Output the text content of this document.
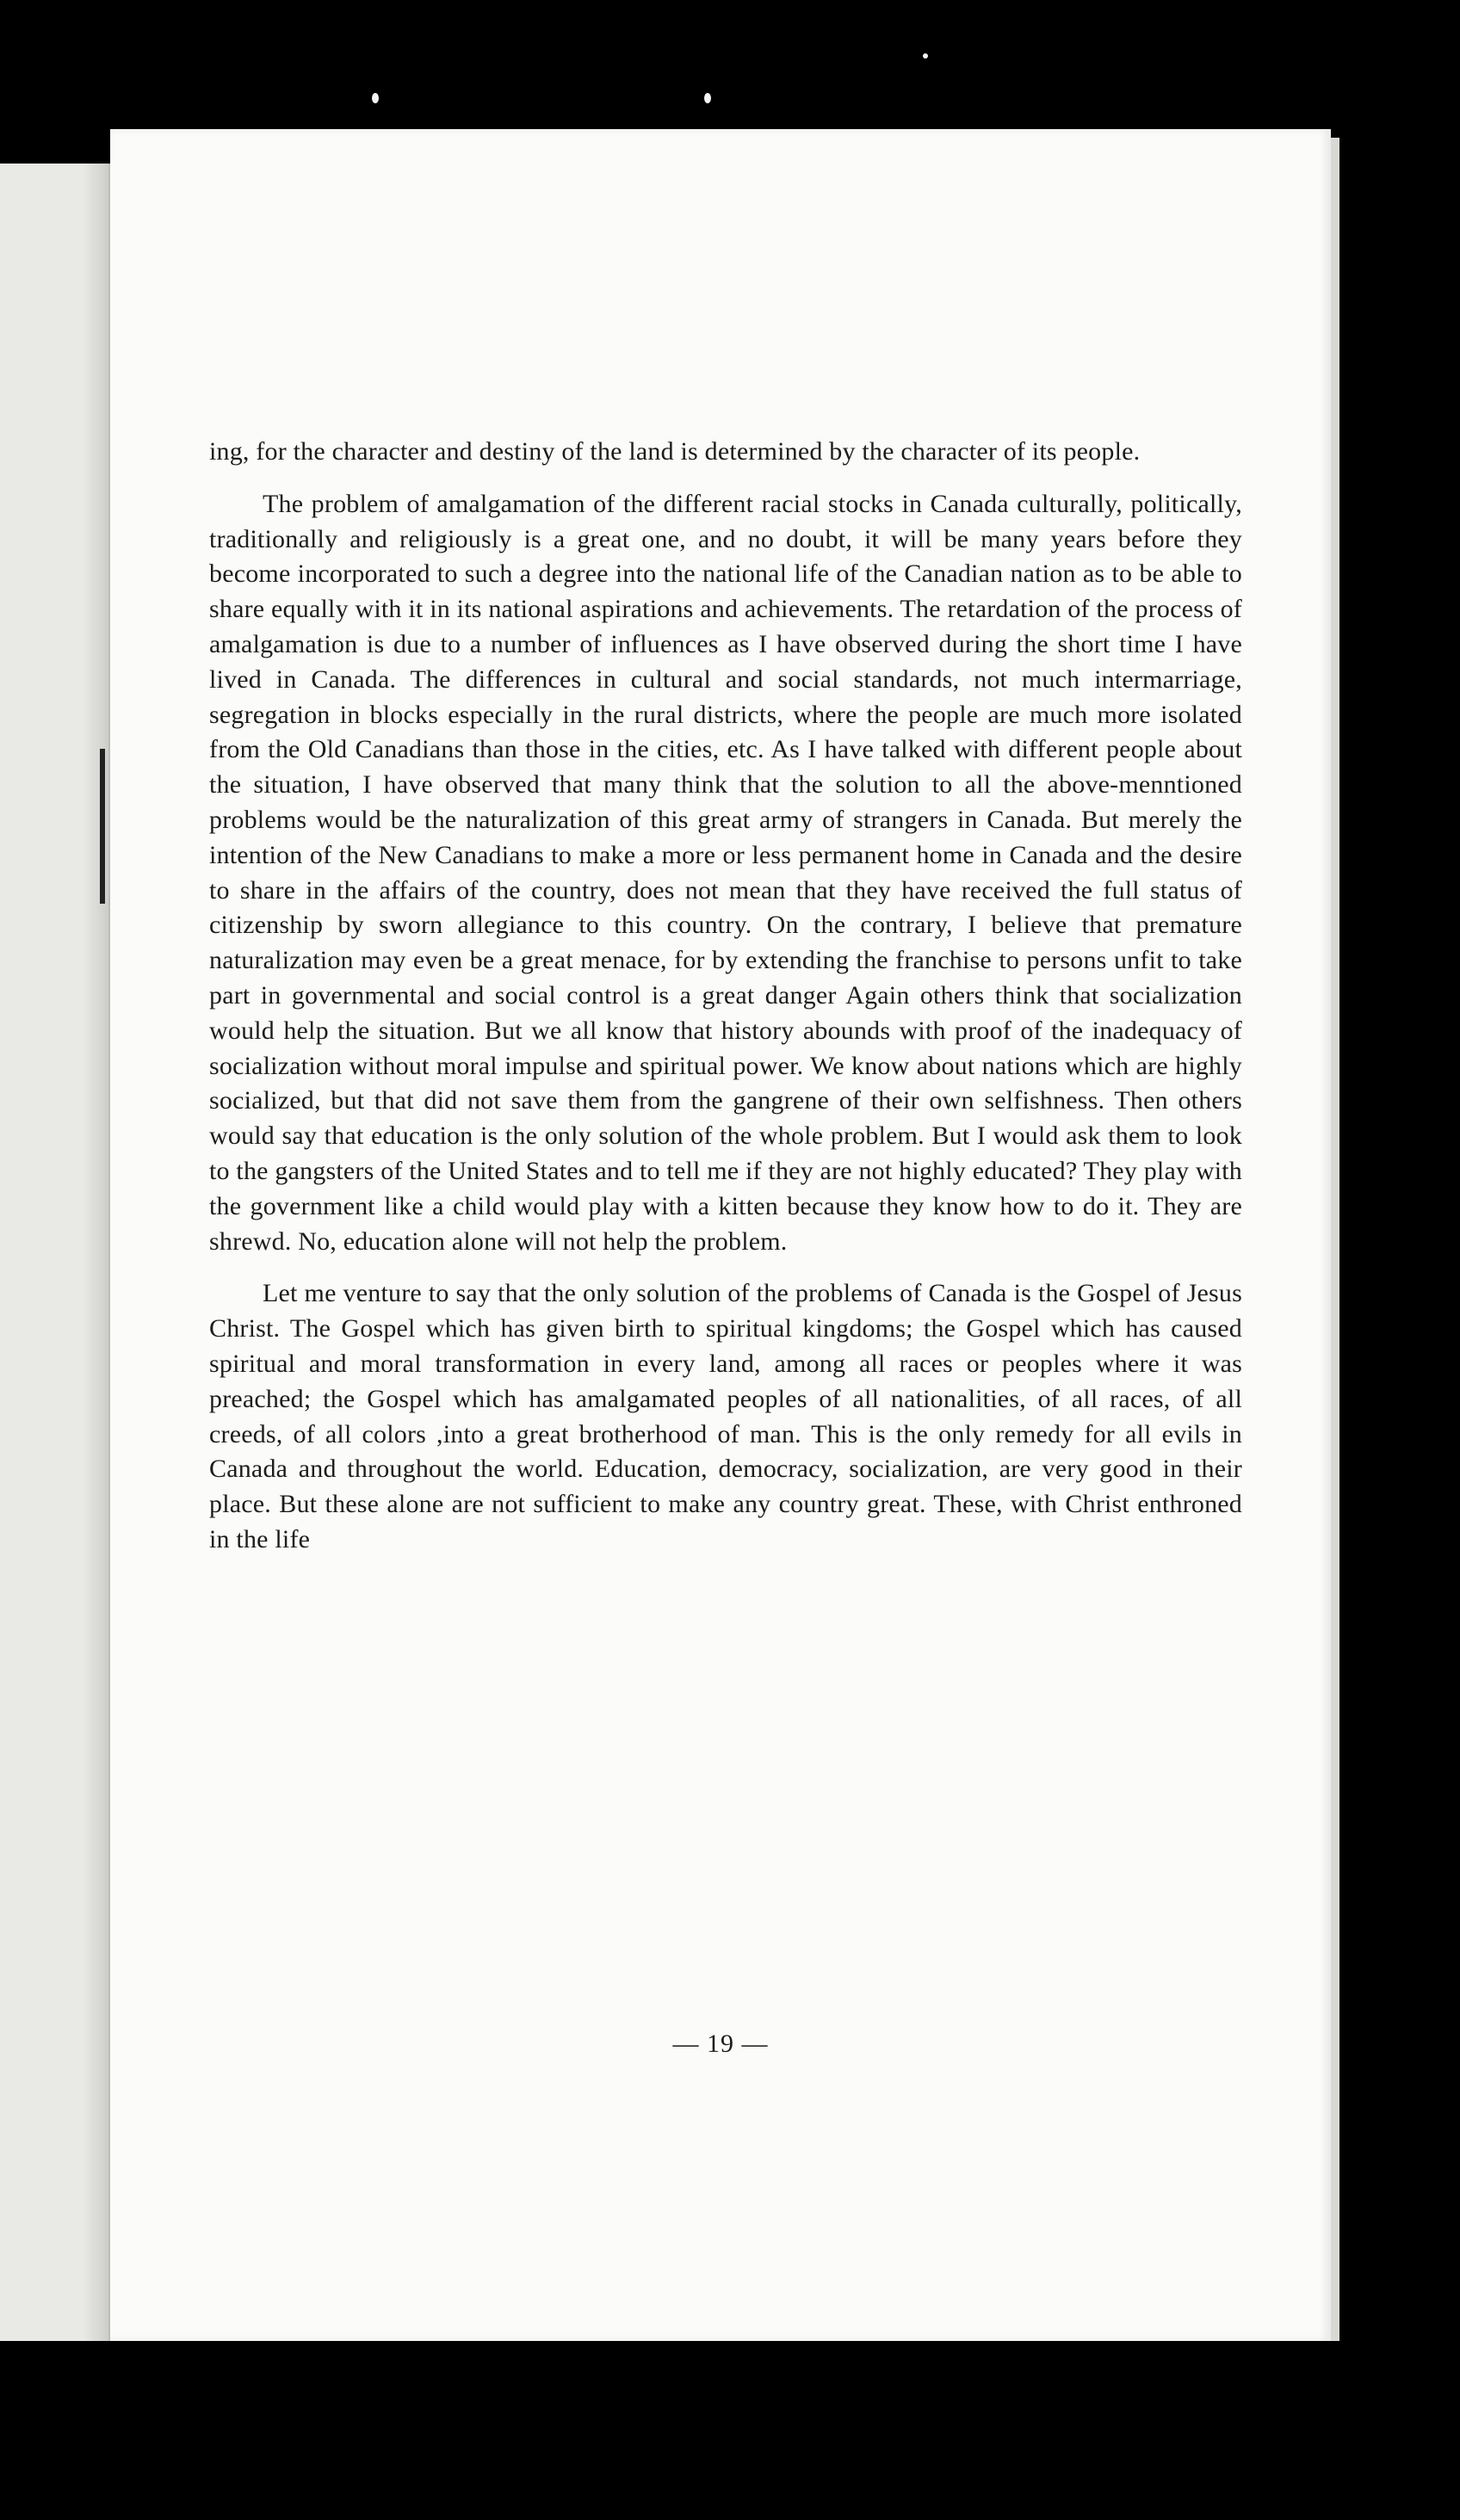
ing, for the character and destiny of the land is determined by the character of its people.

The problem of amalgamation of the different racial stocks in Canada culturally, politically, traditionally and religiously is a great one, and no doubt, it will be many years before they become incorporated to such a degree into the national life of the Canadian nation as to be able to share equally with it in its national aspirations and achievements. The retardation of the process of amalgamation is due to a number of influences as I have observed during the short time I have lived in Canada. The differences in cultural and social standards, not much intermarriage, segregation in blocks especially in the rural districts, where the people are much more isolated from the Old Canadians than those in the cities, etc. As I have talked with different people about the situation, I have observed that many think that the solution to all the above-menntioned problems would be the naturalization of this great army of strangers in Canada. But merely the intention of the New Canadians to make a more or less permanent home in Canada and the desire to share in the affairs of the country, does not mean that they have received the full status of citizenship by sworn allegiance to this country. On the contrary, I believe that premature naturalization may even be a great menace, for by extending the franchise to persons unfit to take part in governmental and social control is a great danger Again others think that socialization would help the situation. But we all know that history abounds with proof of the inadequacy of socialization without moral impulse and spiritual power. We know about nations which are highly socialized, but that did not save them from the gangrene of their own selfishness. Then others would say that education is the only solution of the whole problem. But I would ask them to look to the gangsters of the United States and to tell me if they are not highly educated? They play with the government like a child would play with a kitten because they know how to do it. They are shrewd. No, education alone will not help the problem.

Let me venture to say that the only solution of the problems of Canada is the Gospel of Jesus Christ. The Gospel which has given birth to spiritual kingdoms; the Gospel which has caused spiritual and moral transformation in every land, among all races or peoples where it was preached; the Gospel which has amalgamated peoples of all nationalities, of all races, of all creeds, of all colors ,into a great brotherhood of man. This is the only remedy for all evils in Canada and throughout the world. Education, democracy, socialization, are very good in their place. But these alone are not sufficient to make any country great. These, with Christ enthroned in the life

— 19 —
